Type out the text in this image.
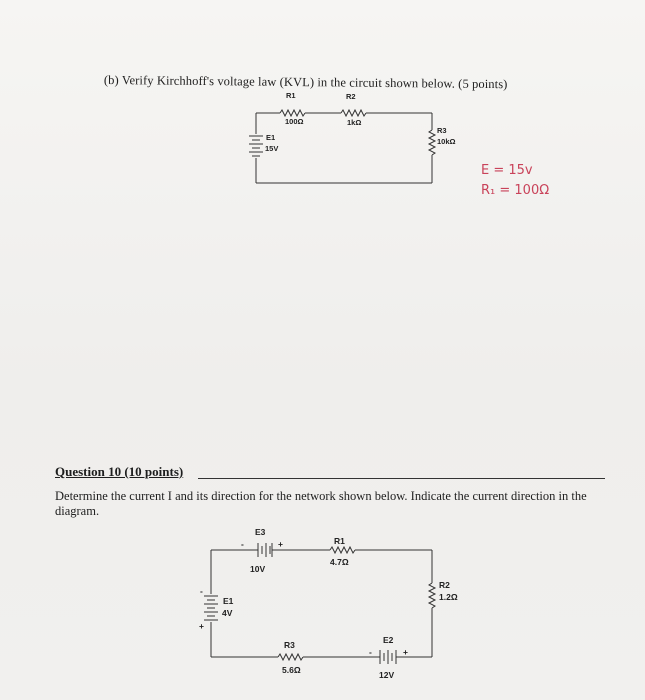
(b) Verify Kirchhoff's voltage law (KVL) in the circuit shown below. (5 points)
R1
100Ω
R2
1kΩ
R3
10kΩ
E1
15V
E = 15v
R₁ = 100Ω
Question 10 (10 points)
Determine the current I and its direction for the network shown below. Indicate the current direction in the diagram.
E3
-	+
10V
R1
4.7Ω
R2
1.2Ω
-
E1
4V
+
R3
5.6Ω
E2
-	+
12V
